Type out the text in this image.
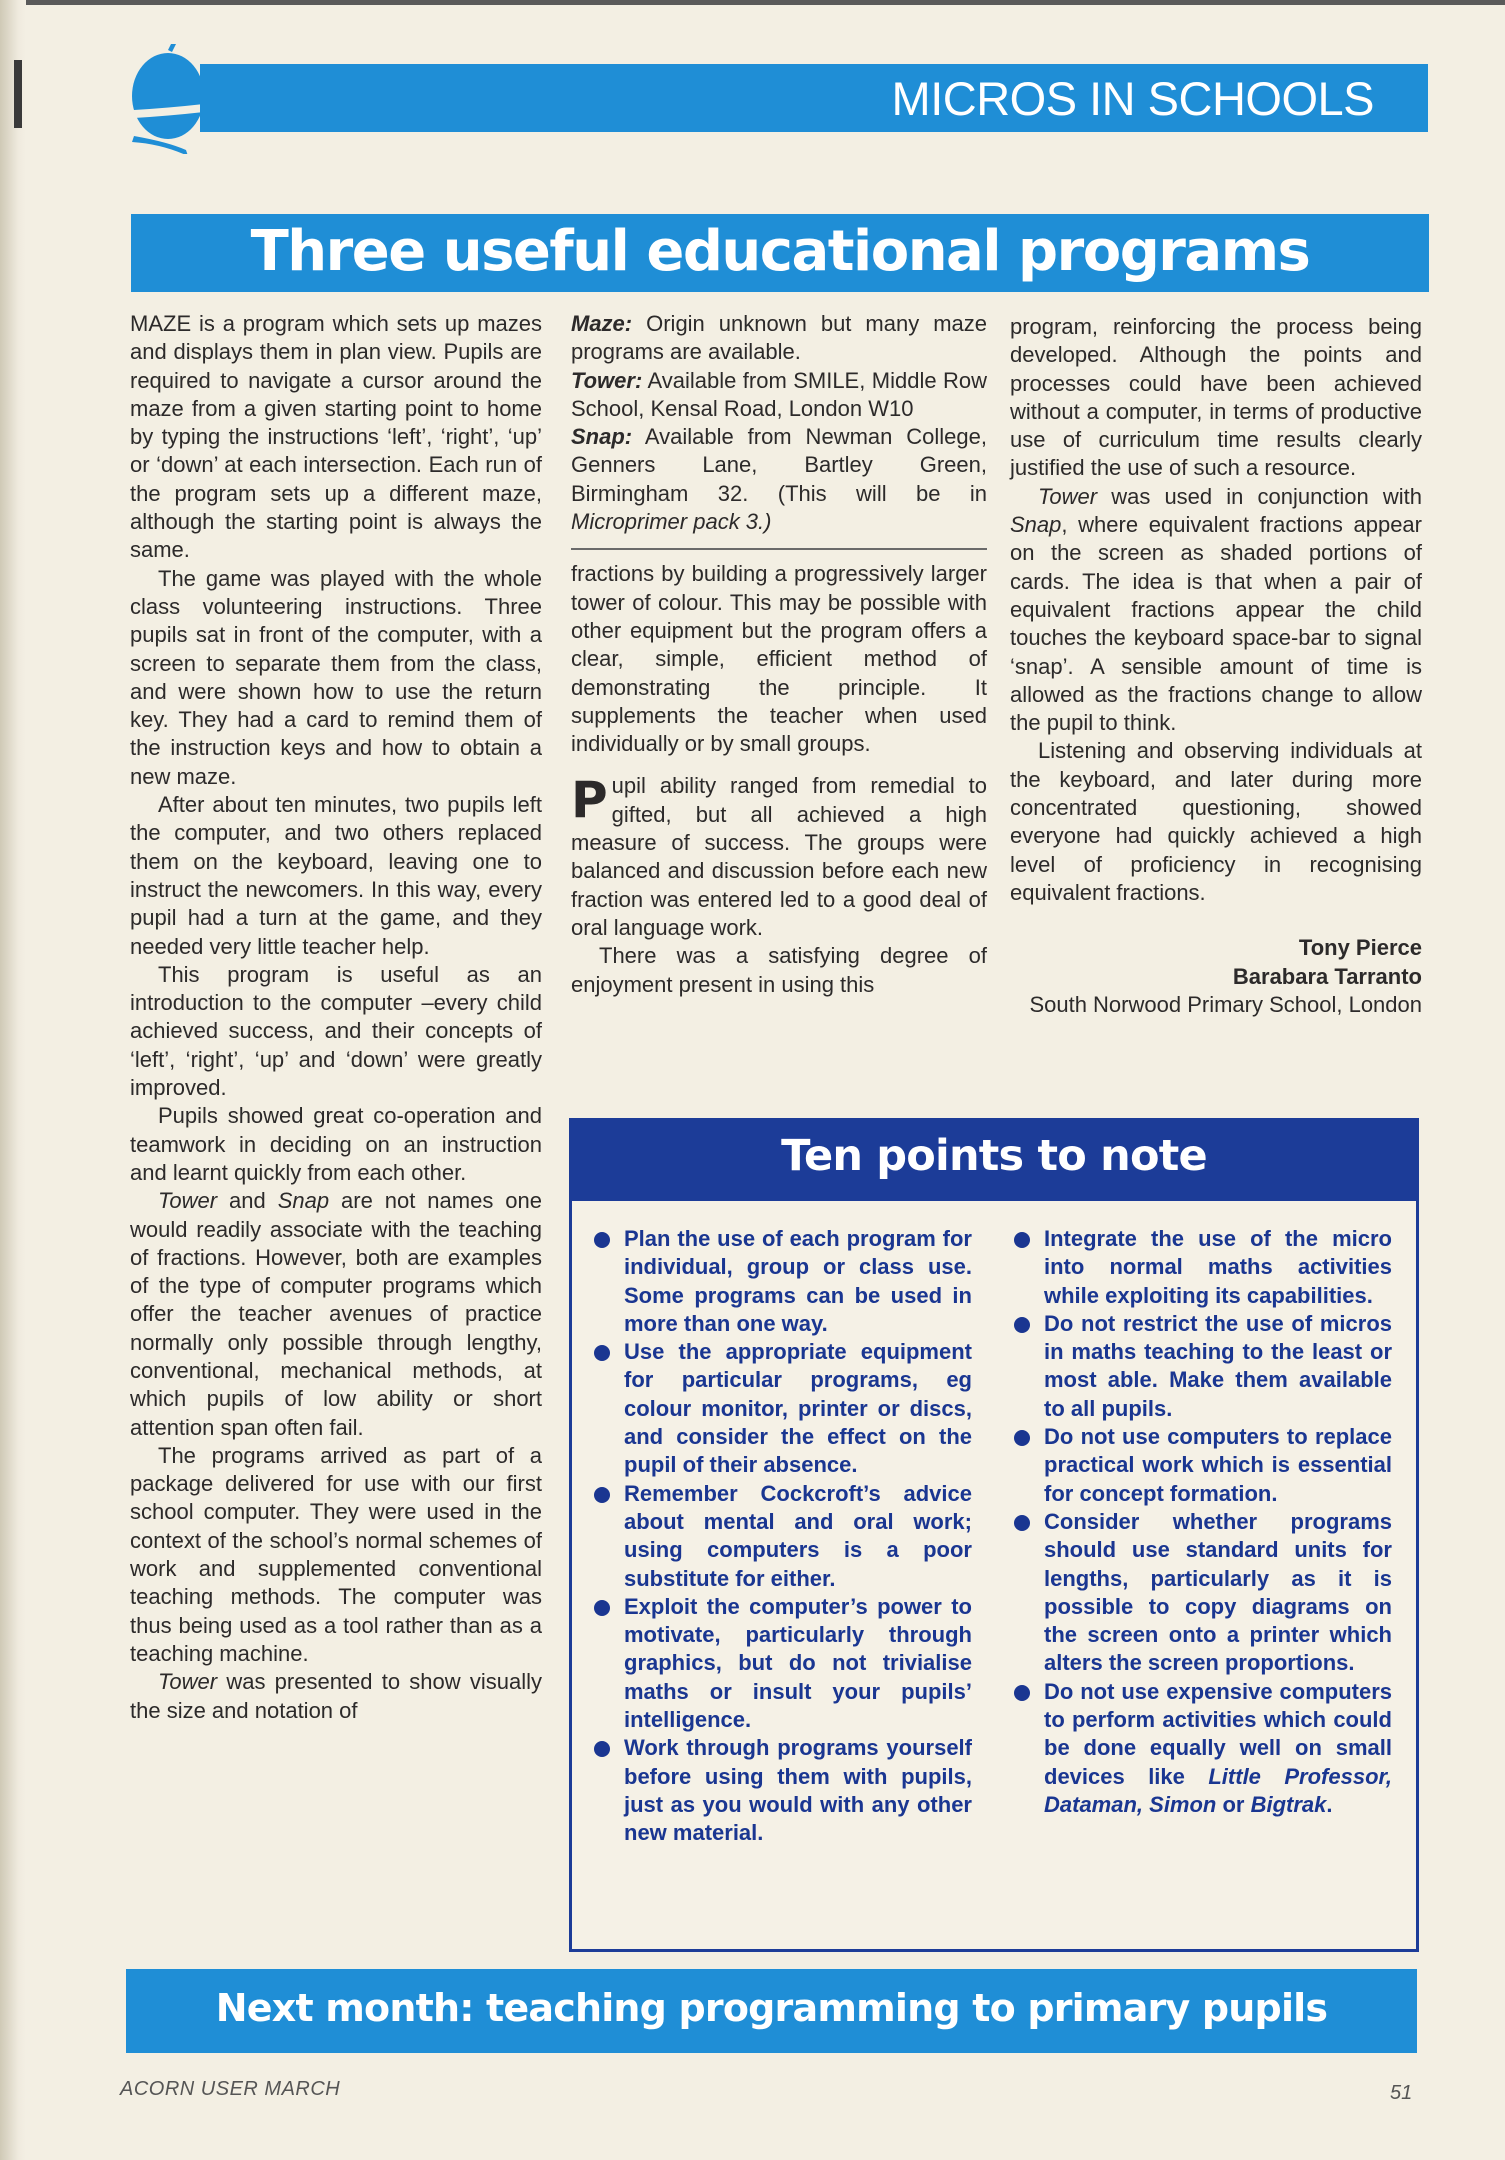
MICROS IN SCHOOLS
Three useful educational programs

MAZE is a program which sets up mazes and displays them in plan view. Pupils are required to navigate a cursor around the maze from a given starting point to home by typing the instructions ‘left’, ‘right’, ‘up’ or ‘down’ at each intersection. Each run of the program sets up a different maze, although the starting point is always the same.

The game was played with the whole class volunteering instructions. Three pupils sat in front of the computer, with a screen to separate them from the class, and were shown how to use the return key. They had a card to remind them of the instruction keys and how to obtain a new maze.

After about ten minutes, two pupils left the computer, and two others replaced them on the keyboard, leaving one to instruct the newcomers. In this way, every pupil had a turn at the game, and they needed very little teacher help.

This program is useful as an introduction to the computer –every child achieved success, and their concepts of ‘left’, ‘right’, ‘up’ and ‘down’ were greatly improved.

Pupils showed great co-operation and teamwork in deciding on an instruction and learnt quickly from each other.

Tower and Snap are not names one would readily associate with the teaching of fractions. However, both are examples of the type of computer programs which offer the teacher avenues of practice normally only possible through lengthy, conventional, mechanical methods, at which pupils of low ability or short attention span often fail.

The programs arrived as part of a package delivered for use with our first school computer. They were used in the context of the school’s normal schemes of work and supplemented conventional teaching methods. The computer was thus being used as a tool rather than as a teaching machine.

Tower was presented to show visually the size and notation of

Maze: Origin unknown but many maze programs are available.

Tower: Available from SMILE, Middle Row School, Kensal Road, London W10

Snap: Available from Newman College, Genners Lane, Bartley Green, Birmingham 32. (This will be in Microprimer pack 3.)

fractions by building a progressively larger tower of colour. This may be possible with other equipment but the program offers a clear, simple, efficient method of demonstrating the principle. It supplements the teacher when used individually or by small groups.

Pupil ability ranged from remedial to gifted, but all achieved a high measure of success. The groups were balanced and discussion before each new fraction was entered led to a good deal of oral language work.

There was a satisfying degree of enjoyment present in using this

program, reinforcing the process being developed. Although the points and processes could have been achieved without a computer, in terms of productive use of curriculum time results clearly justified the use of such a resource.

Tower was used in conjunction with Snap, where equivalent fractions appear on the screen as shaded portions of cards. The idea is that when a pair of equivalent fractions appear the child touches the keyboard space-bar to signal ‘snap’. A sensible amount of time is allowed as the fractions change to allow the pupil to think.

Listening and observing individuals at the keyboard, and later during more concentrated questioning, showed everyone had quickly achieved a high level of proficiency in recognising equivalent fractions.

Tony Pierce
Barabara Tarranto
South Norwood Primary School, London
Ten points to note
Plan the use of each program for individual, group or class use. Some programs can be used in more than one way.
Use the appropriate equipment for particular programs, eg colour monitor, printer or discs, and consider the effect on the pupil of their absence.
Remember Cockcroft’s advice about mental and oral work; using computers is a poor substitute for either.
Exploit the computer’s power to motivate, particularly through graphics, but do not trivialise maths or insult your pupils’ intelligence.
Work through programs yourself before using them with pupils, just as you would with any other new material.
Integrate the use of the micro into normal maths activities while exploiting its capabilities.
Do not restrict the use of micros in maths teaching to the least or most able. Make them available to all pupils.
Do not use computers to replace practical work which is essential for concept formation.
Consider whether programs should use standard units for lengths, particularly as it is possible to copy diagrams on the screen onto a printer which alters the screen proportions.
Do not use expensive computers to perform activities which could be done equally well on small devices like Little Professor, Dataman, Simon or Bigtrak.
Next month: teaching programming to primary pupils
ACORN USER MARCH	51
